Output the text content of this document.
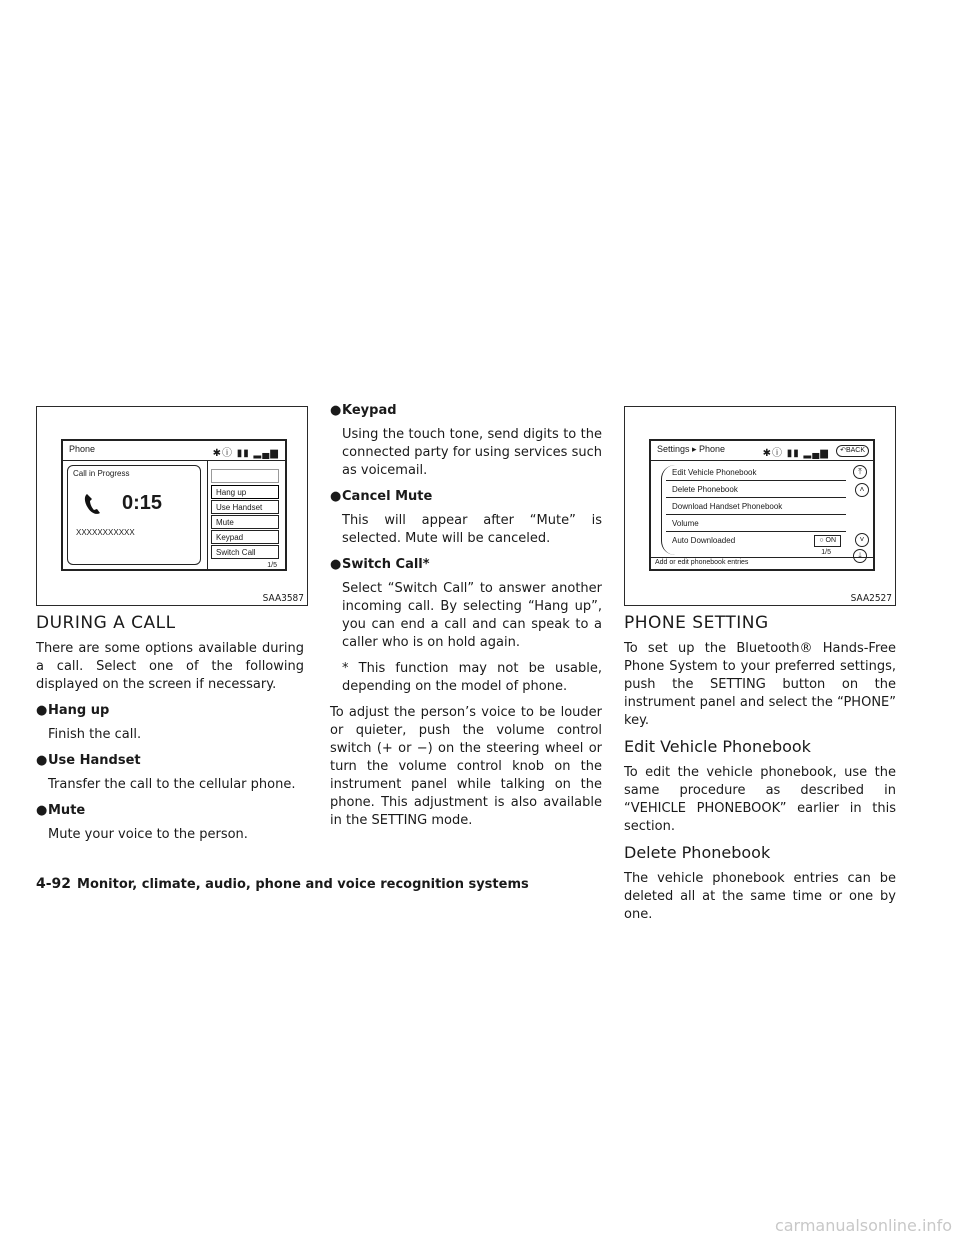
Phone	✱ⓘ ▮▮ ▂▄▆
Call in Progress
0:15
XXXXXXXXXXX
Hang up
Use Handset
Mute
Keypad
Switch Call
1/5
SAA3587
DURING A CALL

There are some options available during a call. Select one of the following displayed on the screen if necessary.

●Hang up
Finish the call.
●Use Handset
Transfer the call to the cellular phone.
●Mute
Mute your voice to the person.
●Keypad
Using the touch tone, send digits to the connected party for using services such as voicemail.
●Cancel Mute
This will appear after “Mute” is selected. Mute will be canceled.
●Switch Call*
Select “Switch Call” to answer another incoming call. By selecting “Hang up”, you can end a call and can speak to a caller who is on hold again.
* This function may not be usable, depending on the model of phone.

To adjust the person’s voice to be louder or quieter, push the volume control switch (+ or −) on the steering wheel or turn the volume control knob on the instrument panel while talking on the phone. This adjustment is also available in the SETTING mode.

Settings ▸ Phone	✱ⓘ ▮▮ ▂▄▆	↶BACK
Edit Vehicle Phonebook
Delete Phonebook
Download Handset Phonebook
Volume
Auto Downloaded	○ ON
1/5
⤒
˄
˅
⤓
Add or edit phonebook entries
SAA2527
PHONE SETTING

To set up the Bluetooth® Hands-Free Phone System to your preferred settings, push the SETTING button on the instrument panel and select the “PHONE” key.

Edit Vehicle Phonebook

To edit the vehicle phonebook, use the same procedure as described in “VEHICLE PHONEBOOK” earlier in this section.

Delete Phonebook

The vehicle phonebook entries can be deleted all at the same time or one by one.

4-92 Monitor, climate, audio, phone and voice recognition systems
carmanualsonline.info
